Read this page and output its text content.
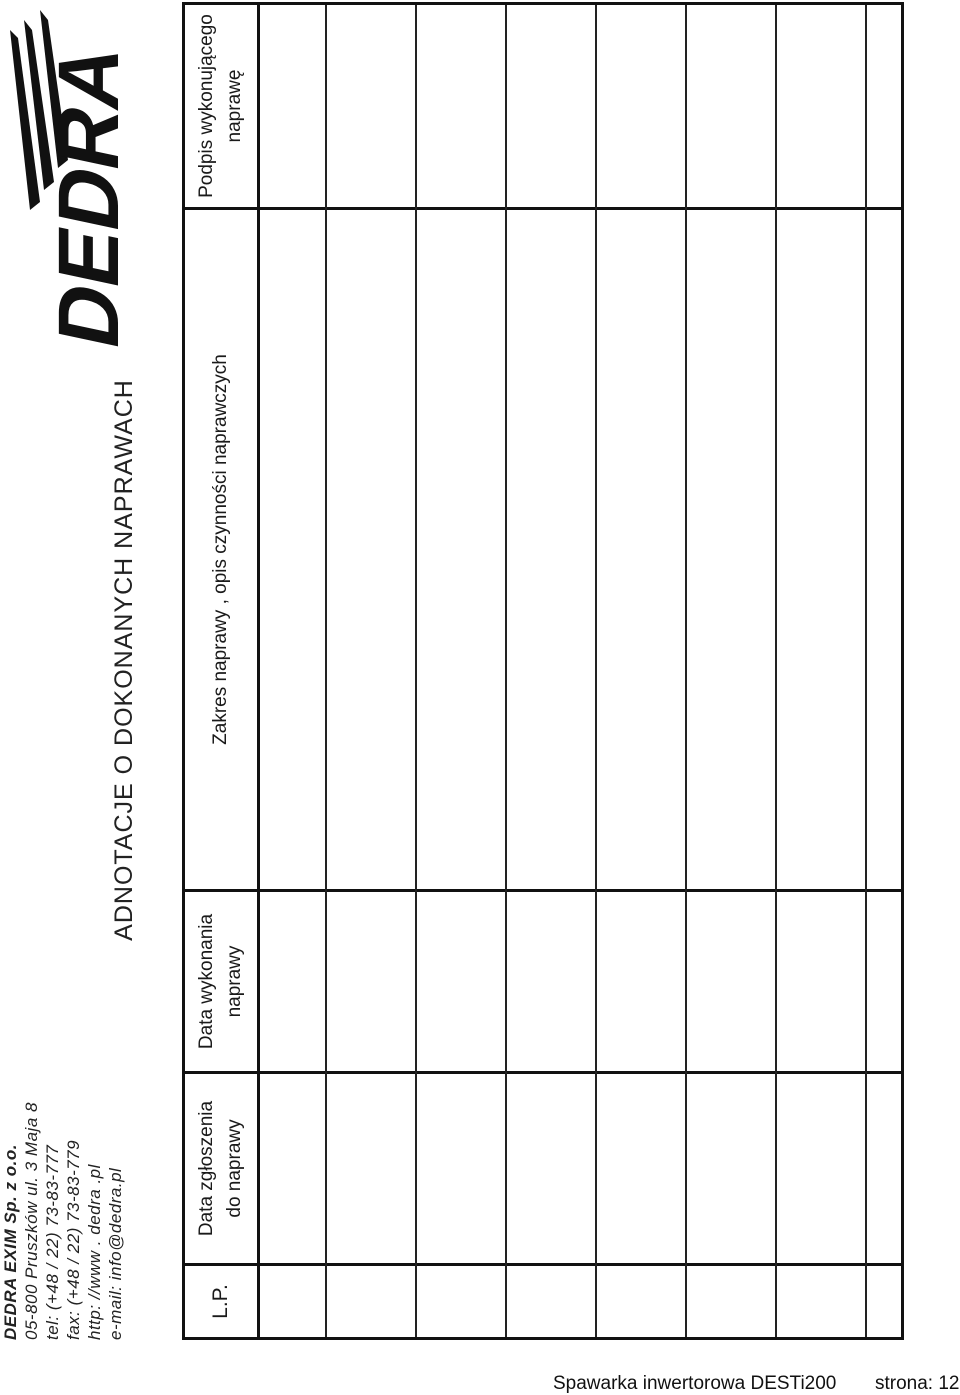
DEDRA EXIM Sp. z o.o. 05-800 Pruszków ul. 3 Maja 8 tel: (+48 / 22) 73-83-777 fax: (+48 / 22) 73-83-779 http: //www . dedra .pl e-mail: info@dedra.pl
ADNOTACJE O DOKONANYCH NAPRAWACH
DEDRA
L.P.
Data zgłoszenia do naprawy
Data wykonania naprawy
Zakres naprawy , opis czynności naprawczych
Podpis wykonującego naprawę
Spawarka inwertorowa DESTi200 strona: 12
